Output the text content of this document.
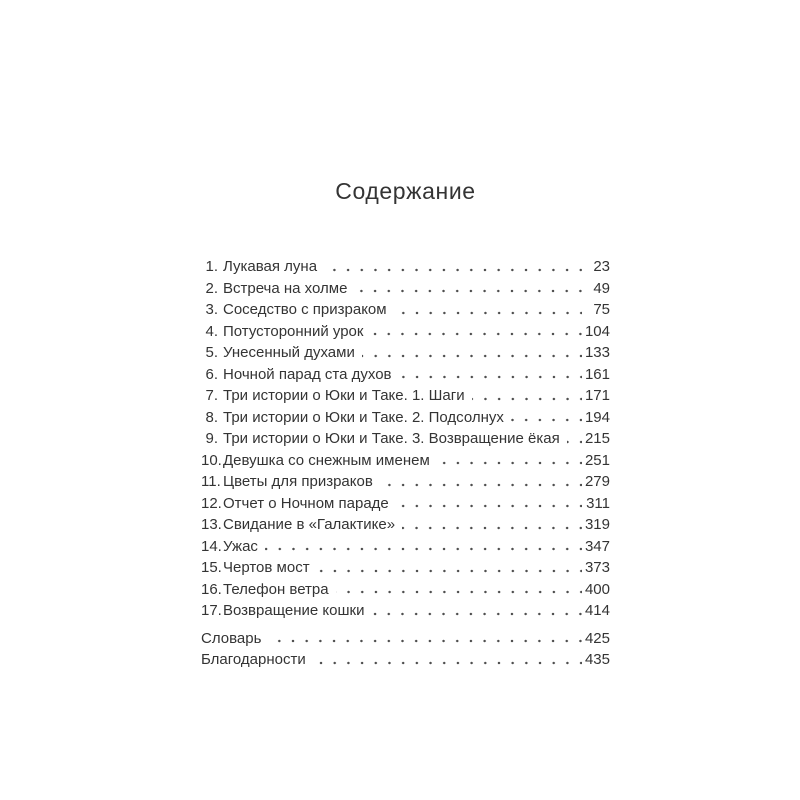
Содержание
1. Лукавая луна	23
2. Встреча на холме	49
3. Соседство с призраком	75
4. Потусторонний урок	104
5. Унесенный духами	133
6. Ночной парад ста духов	161
7. Три истории о Юки и Таке. 1. Шаги	171
8. Три истории о Юки и Таке. 2. Подсолнух	194
9. Три истории о Юки и Таке. 3. Возвращение ёкая 215
10. Девушка со снежным именем	251
11. Цветы для призраков	279
12. Отчет о Ночном параде	311
13. Свидание в «Галактике»	319
14. Ужас	347
15. Чертов мост	373
16. Телефон ветра	400
17. Возвращение кошки	414
Словарь	425
Благодарности	435
